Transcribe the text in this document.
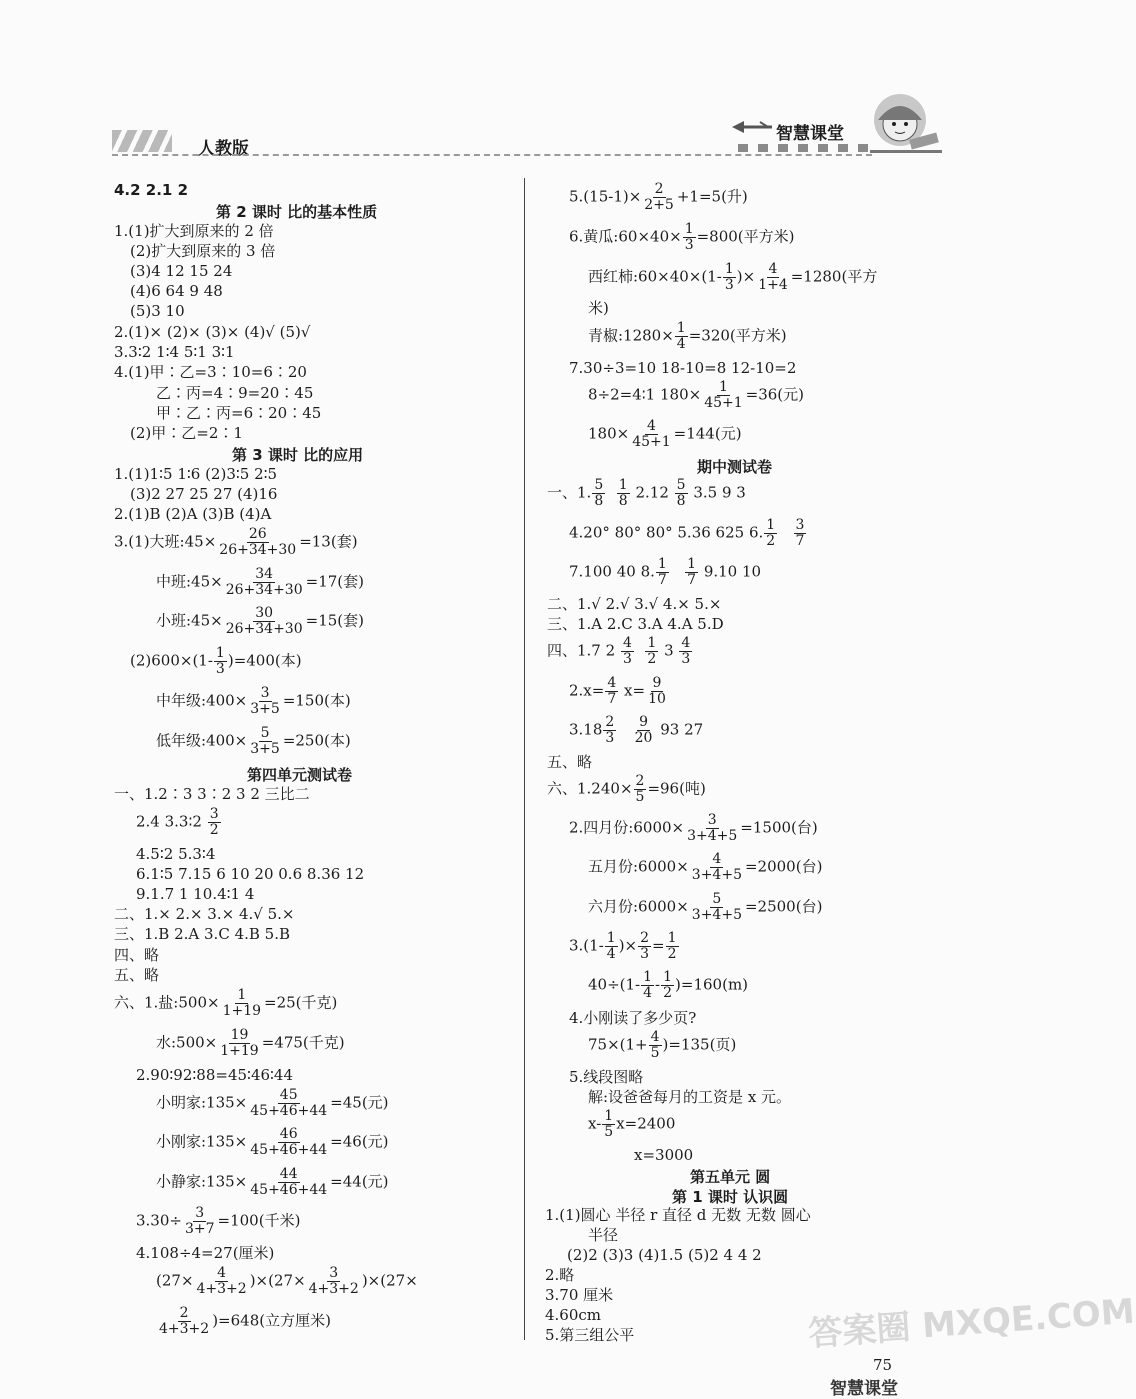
人教版
智慧课堂
4.2 2.1 2
第 2 课时 比的基本性质
1.(1)扩大到原来的 2 倍
(2)扩大到原来的 3 倍
(3)4 12 15 24
(4)6 64 9 48
(5)3 10
2.(1)× (2)× (3)× (4)√ (5)√
3.3∶2 1∶4 5∶1 3∶1
4.(1)甲∶乙=3∶10=6∶20
乙∶丙=4∶9=20∶45
甲∶乙∶丙=6∶20∶45
(2)甲∶乙=2∶1
第 3 课时 比的应用
1.(1)1∶5 1∶6 (2)3∶5 2∶5
(3)2 27 25 27 (4)16
2.(1)B (2)A (3)B (4)A
3.(1)大班:45× $\frac{26}{26+34+30} =13$(套)
中班:45× $\frac{34}{26+34+30} =17$(套)
小班:45× $\frac{30}{26+34+30} =15$(套)
$(2)600\times(1- \frac{1}{3} )=400$(本)
中年级:400× $\frac{3}{3+5} =150$(本)
低年级:400× $\frac{5}{3+5} =250$(本)
第四单元测试卷
一、1.2∶3 3∶2 3 2 三比二
2.4 3.3∶2 $\frac{3}{2}$
4.5∶2 5.3∶4
6.1∶5 7.15 6 10 20 0.6 8.36 12
9.1.7 1 10.4∶1 4
二、1.× 2.× 3.× 4.√ 5.×
三、1.B 2.A 3.C 4.B 5.B
四、略
五、略
六、1.盐:500× $\frac{1}{1+19} =25$(千克)
水:500× $\frac{19}{1+19} =475$(千克)
2.90∶92∶88=45∶46∶44
小明家:135× $\frac{45}{45+46+44} =45$(元)
小刚家:135× $\frac{46}{45+46+44} =46$(元)
小静家:135× $\frac{44}{45+46+44} =44$(元)
$3.30\div \frac{3}{3+7} =100$(千米)
4.108÷4=27(厘米)
$(27\times \frac{4}{4+3+2} )\times(27\times \frac{3}{4+3+2} )\times(27\times$
$\frac{2}{4+3+2} )=648$(立方厘米)
$5.(15-1)\times \frac{2}{2+5} +1=5$(升)
6.黄瓜:60×40× $\frac{1}{3} =800$(平方米)
西红柿:60×40×(1- $\frac{1}{3}$ )× $\frac{4}{1+4} =1280$(平方
米)
青椒:1280× $\frac{1}{4} =320$(平方米)
7.30÷3=10 18-10=8 12-10=2
8÷2=4∶1 $180\times \frac{1}{45+1} =36$(元)
$180\times \frac{4}{45+1} =144$(元)
期中测试卷
一、1. $\frac{5}{8}$
$\frac{1}{8} 2.12 \frac{5}{8} 3.5$ 9 3
4.20° 80° 80° 5.36 625 6. $\frac{1}{2}$
$\frac{3}{7}$
7.100 40 8. $\frac{1}{7}$
$\frac{1}{7} 9.10$ 10
二、1.√ 2.√ 3.√ 4.× 5.×
三、1.A 2.C 3.A 4.A 5.D
四、1.7 $2 \frac{4}{3}$
$\frac{1}{2} 3 \frac{4}{3}$
$2.x= \frac{4}{7} x= \frac{9}{10}$
$3.18 \frac{2}{3}$
$\frac{9}{20} 93$ 27
五、略
六、$1.240\times \frac{2}{5} =96$(吨)
2.四月份:6000× $\frac{3}{3+4+5} =1500$(台)
五月份:6000× $\frac{4}{3+4+5} =2000$(台)
六月份:6000× $\frac{5}{3+4+5} =2500$(台)
$3.(1- \frac{1}{4}$ )× $\frac{2}{3} = \frac{1}{2}$
$40\div(1- \frac{1}{4} - \frac{1}{2} )=160(m)$
4.小刚读了多少页?
$75\times(1+ \frac{4}{5} )=135$(页)
5.线段图略
解:设爸爸每月的工资是 x 元。
$x- \frac{1}{5} x=2400$
x=3000
第五单元 圆
第 1 课时 认识圆
1.(1)圆心 半径 r 直径 d 无数 无数 圆心
半径
(2)2 (3)3 (4)1.5 (5)2 4 4 2
2.略
3.70 厘米
4.60cm
5.第三组公平	答案圈 MXQE.COM
75
智慧课堂
